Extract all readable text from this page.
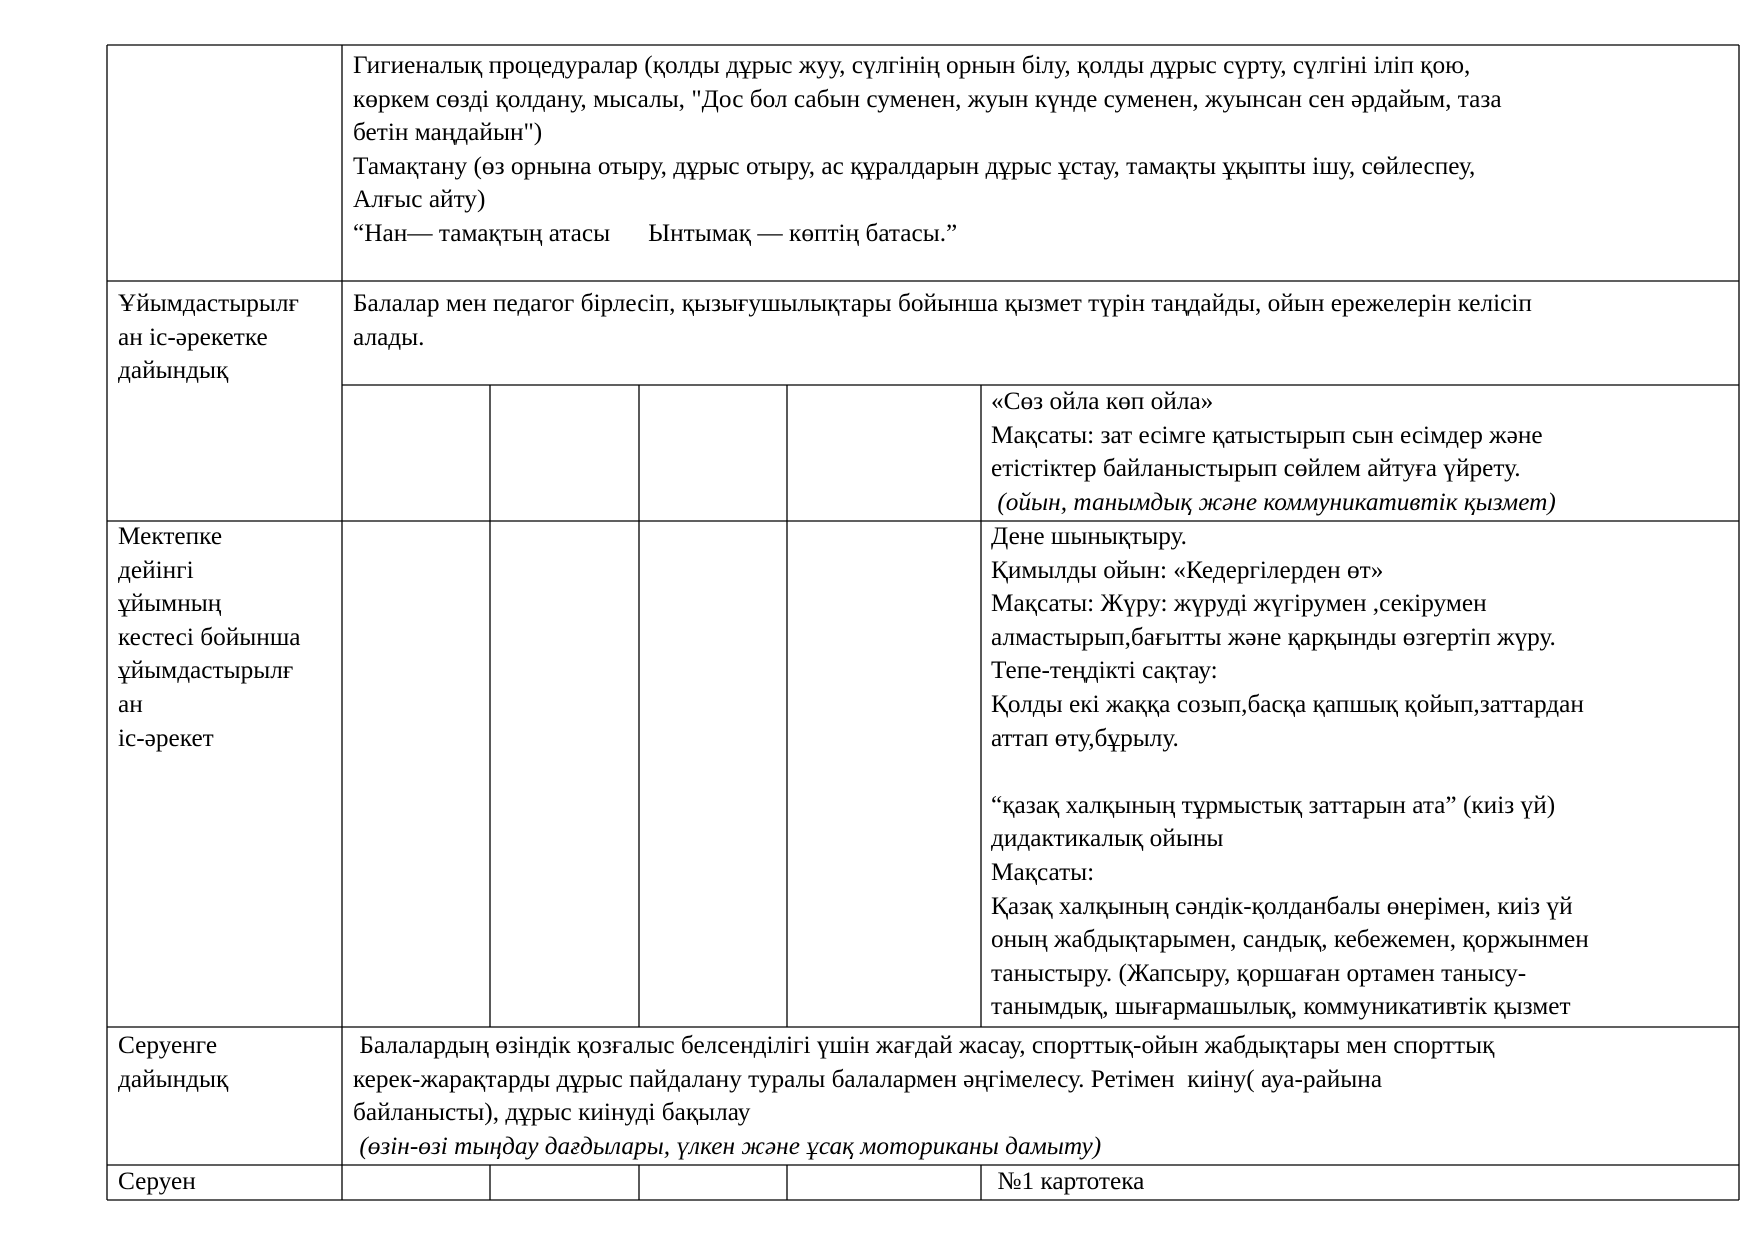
Гигиеналық процедуралар (қолды дұрыс жуу, сүлгінің орнын білу, қолды дұрыс сүрту, сүлгіні іліп қою,
көркем сөзді қолдану, мысалы, "Дос бол сабын суменен, жуын күнде суменен, жуынсан сен әрдайым, таза
бетін маңдайын")
Тамақтану (өз орнына отыру, дұрыс отыру, ас құралдарын дұрыс ұстау, тамақты ұқыпты ішу, сөйлеспеу,
Алғыс айту)
“Нан— тамақтың атасы      Ынтымақ — көптің батасы.”
Ұйымдастырылғ
ан іс-әрекетке
дайындық
Балалар мен педагог бірлесіп, қызығушылықтары бойынша қызмет түрін таңдайды, ойын ережелерін келісіп
алады.
«Сөз ойла көп ойла»
Мақсаты: зат есімге қатыстырып сын есімдер және
етістіктер байланыстырып сөйлем айтуға үйрету.
(ойын, танымдық және коммуникативтік қызмет)
Мектепке
дейінгі
ұйымның
кестесі бойынша
ұйымдастырылғ
ан
іс-әрекет
Дене шынықтыру.
Қимылды ойын: «Кедергілерден өт»
Мақсаты: Жүру: жүруді жүгірумен ,секірумен
алмастырып,бағытты және қарқынды өзгертіп жүру.
Тепе-теңдікті сақтау:
Қолды екі жаққа созып,басқа қапшық қойып,заттардан
аттап өту,бұрылу.
“қазақ халқының тұрмыстық заттарын ата” (киіз үй)
дидактикалық ойыны
Мақсаты:
Қазақ халқының сәндік-қолданбалы өнерімен, киіз үй
оның жабдықтарымен, сандық, кебежемен, қоржынмен
таныстыру. (Жапсыру, қоршаған ортамен танысу-
танымдық, шығармашылық, коммуникативтік қызмет
Серуенге
дайындық
Балалардың өзіндік қозғалыс белсенділігі үшін жағдай жасау, спорттық-ойын жабдықтары мен спорттық
керек-жарақтарды дұрыс пайдалану туралы балалармен әңгімелесу. Ретімен  киіну( ауа-райына
байланысты), дұрыс киінуді бақылау
(өзін-өзі тыңдау дағдылары, үлкен және ұсақ моториканы дамыту)
Серуен	№1 картотека
